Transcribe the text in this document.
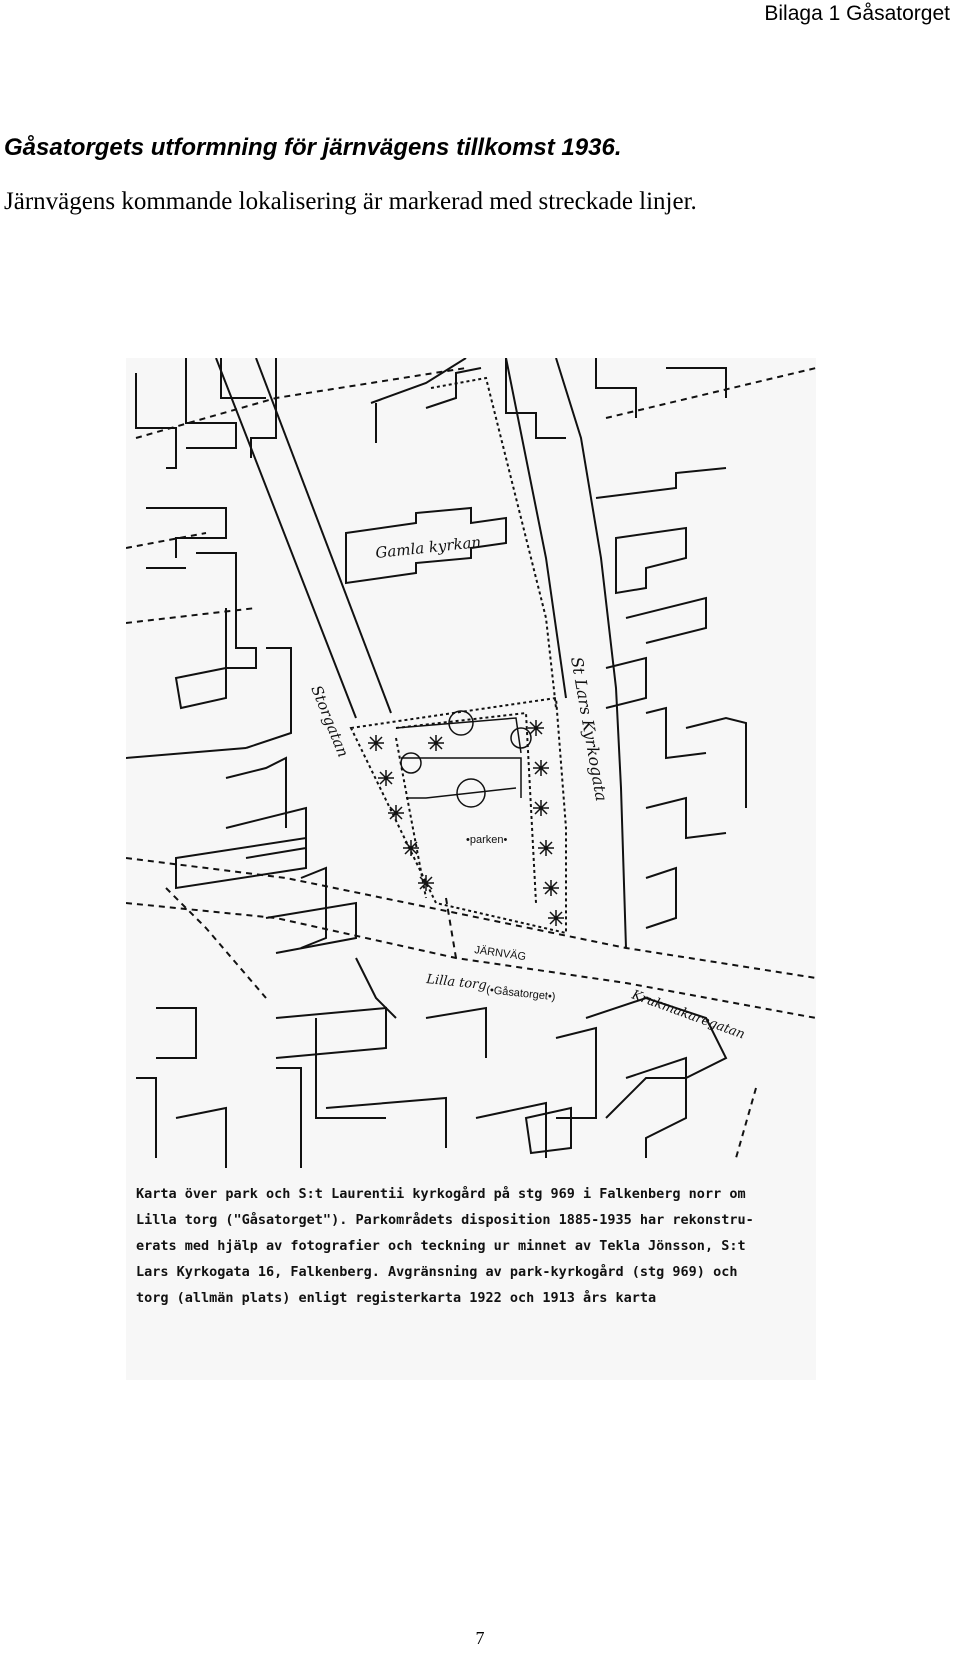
Bilaga 1 Gåsatorget
Gåsatorgets utformning för järnvägens tillkomst 1936.

Järnvägens kommande lokalisering är markerad med streckade linjer.

Gamla kyrkan
Storgatan	St Lars Kyrkogata
•parken•
JÄRNVÄG
Lilla torg
(•Gåsatorget•)	Krukmakaregatan
Karta över park och S:t Laurentii kyrkogård på stg 969 i Falkenberg norr om
Lilla torg ("Gåsatorget"). Parkområdets disposition 1885-1935 har rekonstru-
erats med hjälp av fotografier och teckning ur minnet av Tekla Jönsson, S:t
Lars Kyrkogata 16, Falkenberg. Avgränsning av park-kyrkogård (stg 969) och
torg (allmän plats) enligt registerkarta 1922 och 1913 års karta
7
